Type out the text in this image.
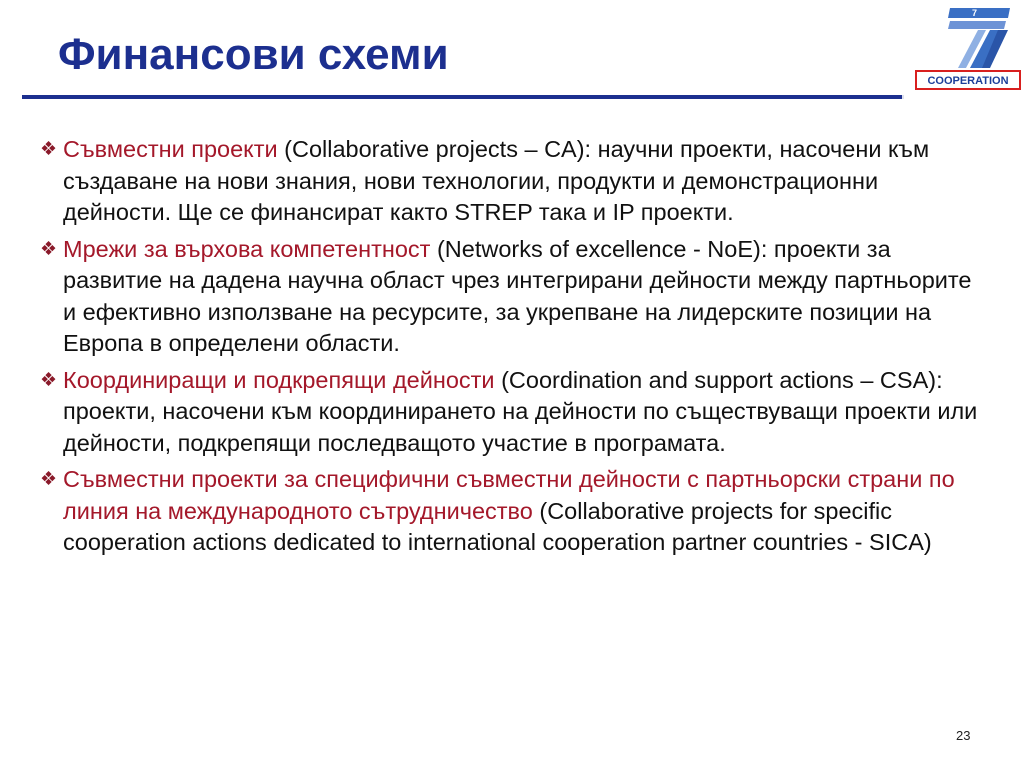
Финансови схеми
7
COOPERATION
❖ Съвместни проекти (Collaborative projects – CA): научни проекти, насочени към създаване на нови знания, нови технологии, продукти и демонстрационни дейности. Ще се финансират както STREP така и IP проекти.
❖ Мрежи за върхова компетентност (Networks of excellence - NoE): проекти за развитие на дадена научна област чрез интегрирани дейности между партньорите и ефективно използване на ресурсите, за укрепване на лидерските позиции на Европа в определени области.
❖ Координиращи и подкрепящи дейности (Coordination and support actions – CSA): проекти, насочени към координирането на дейности по съществуващи проекти или дейности, подкрепящи последващото участие в програмата.
❖ Съвместни проекти за специфични съвместни дейности с партньорски страни по линия на международното сътрудничество (Collaborative projects for specific cooperation actions dedicated to international cooperation partner countries - SICA)
23
